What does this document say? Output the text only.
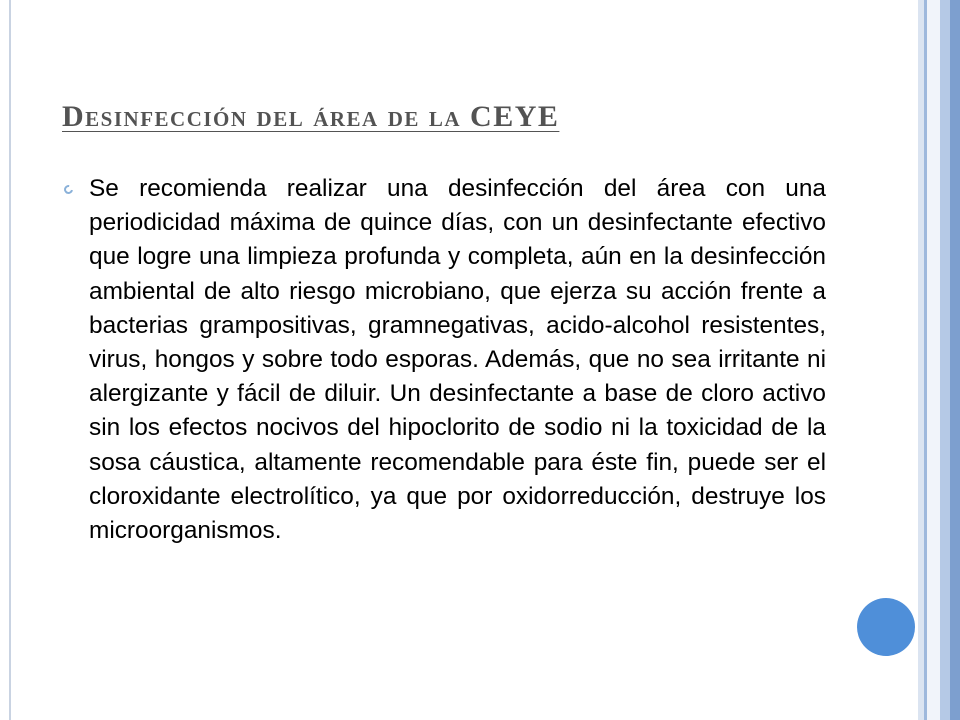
Desinfección del área de la CEYE

Se recomienda realizar una desinfección del área con una periodicidad máxima de quince días, con un desinfectante efectivo que logre una limpieza profunda y completa, aún en la desinfección ambiental de alto riesgo microbiano, que ejerza su acción frente a bacterias grampositivas, gramnegativas, acido-alcohol resistentes, virus, hongos y sobre todo esporas. Además, que no sea irritante ni alergizante y fácil de diluir. Un desinfectante a base de cloro activo sin los efectos nocivos del hipoclorito de sodio ni la toxicidad de la sosa cáustica, altamente recomendable para éste fin, puede ser el cloroxidante electrolítico, ya que por oxidorreducción, destruye los microorganismos.
